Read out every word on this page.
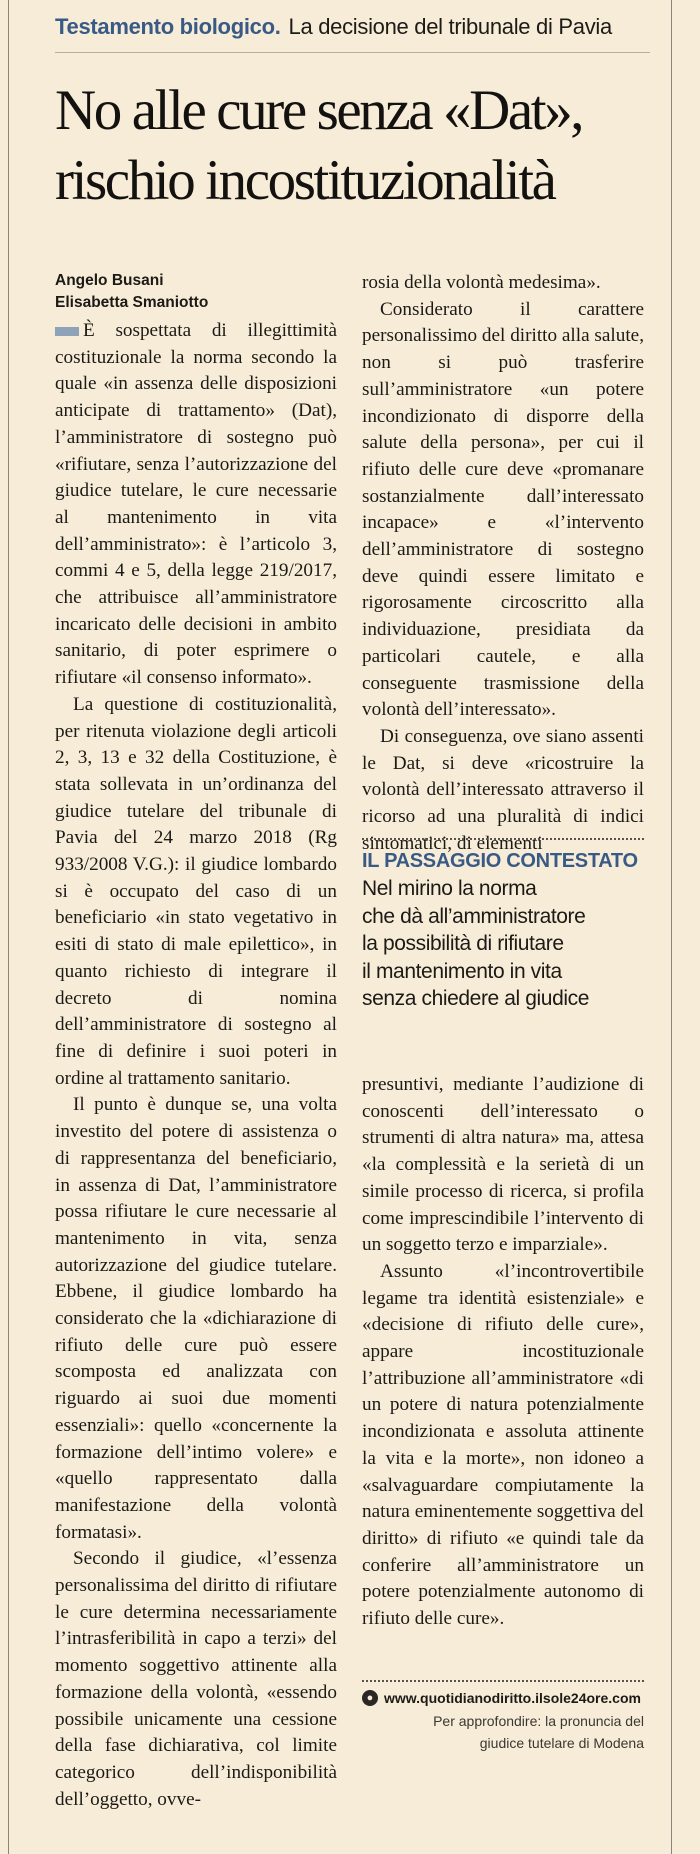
Testamento biologico. La decisione del tribunale di Pavia
No alle cure senza «Dat»,
rischio incostituzionalità
Angelo Busani
Elisabetta Smaniotto

È sospettata di illegittimità costituzionale la norma secondo la quale «in assenza delle disposizioni anticipate di trattamento» (Dat), l’amministratore di sostegno può «rifiutare, senza l’autorizzazione del giudice tutelare, le cure necessarie al mantenimento in vita dell’amministrato»: è l’articolo 3, commi 4 e 5, della legge 219/2017, che attribuisce all’amministratore incaricato delle decisioni in ambito sanitario, di poter esprimere o rifiutare «il consenso informato».

La questione di costituzionalità, per ritenuta violazione degli articoli 2, 3, 13 e 32 della Costituzione, è stata sollevata in un’ordinanza del giudice tutelare del tribunale di Pavia del 24 marzo 2018 (Rg 933/2008 V.G.): il giudice lombardo si è occupato del caso di un beneficiario «in stato vegetativo in esiti di stato di male epilettico», in quanto richiesto di integrare il decreto di nomina dell’amministratore di sostegno al fine di definire i suoi poteri in ordine al trattamento sanitario.

Il punto è dunque se, una volta investito del potere di assistenza o di rappresentanza del beneficiario, in assenza di Dat, l’amministratore possa rifiutare le cure necessarie al mantenimento in vita, senza autorizzazione del giudice tutelare. Ebbene, il giudice lombardo ha considerato che la «dichiarazione di rifiuto delle cure può essere scomposta ed analizzata con riguardo ai suoi due momenti essenziali»: quello «concernente la formazione dell’intimo volere» e «quello rappresentato dalla manifestazione della volontà formatasi».

Secondo il giudice, «l’essenza personalissima del diritto di rifiutare le cure determina necessariamente l’intrasferibilità in capo a terzi» del momento soggettivo attinente alla formazione della volontà, «essendo possibile unicamente una cessione della fase dichiarativa, col limite categorico dell’indisponibilità dell’oggetto, ovve-

rosia della volontà medesima».

Considerato il carattere personalissimo del diritto alla salute, non si può trasferire sull’amministratore «un potere incondizionato di disporre della salute della persona», per cui il rifiuto delle cure deve «promanare sostanzialmente dall’interessato incapace» e «l’intervento dell’amministratore di sostegno deve quindi essere limitato e rigorosamente circoscritto alla individuazione, presidiata da particolari cautele, e alla conseguente trasmissione della volontà dell’interessato».

Di conseguenza, ove siano assenti le Dat, si deve «ricostruire la volontà dell’interessato attraverso il ricorso ad una pluralità di indici sintomatici, di elementi

IL PASSAGGIO CONTESTATO
Nel mirino la norma
che dà all’amministratore
la possibilità di rifiutare
il mantenimento in vita
senza chiedere al giudice

presuntivi, mediante l’audizione di conoscenti dell’interessato o strumenti di altra natura» ma, attesa «la complessità e la serietà di un simile processo di ricerca, si profila come imprescindibile l’intervento di un soggetto terzo e imparziale».

Assunto «l’incontrovertibile legame tra identità esistenziale» e «decisione di rifiuto delle cure», appare incostituzionale l’attribuzione all’amministratore «di un potere di natura potenzialmente incondizionata e assoluta attinente la vita e la morte», non idoneo a «salvaguardare compiutamente la natura eminentemente soggettiva del diritto» di rifiuto «e quindi tale da conferire all’amministratore un potere potenzialmente autonomo di rifiuto delle cure».

● www.quotidianodiritto.ilsole24ore.com
Per approfondire: la pronuncia del
giudice tutelare di Modena
